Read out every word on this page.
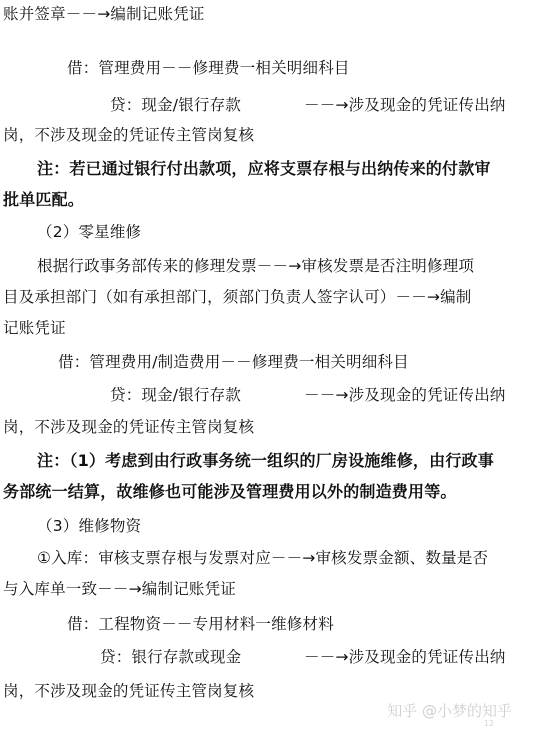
账并签章－－→编制记账凭证
借：管理费用－－修理费一相关明细科目
贷：现金/银行存款	－－→涉及现金的凭证传出纳
岗，不涉及现金的凭证传主管岗复核
注：若已通过银行付出款项，应将支票存根与出纳传来的付款审
批单匹配。
（2）零星维修
根据行政事务部传来的修理发票－－→审核发票是否注明修理项
目及承担部门（如有承担部门，须部门负责人签字认可）－－→编制
记账凭证
借：管理费用/制造费用－－修理费一相关明细科目
贷：现金/银行存款	－－→涉及现金的凭证传出纳
岗，不涉及现金的凭证传主管岗复核
注：（1）考虑到由行政事务统一组织的厂房设施维修，由行政事
务部统一结算，故维修也可能涉及管理费用以外的制造费用等。
（3）维修物资
①入库：审核支票存根与发票对应－－→审核发票金额、数量是否
与入库单一致－－→编制记账凭证
借：工程物资－－专用材料一维修材料
贷：银行存款或现金	－－→涉及现金的凭证传出纳
岗，不涉及现金的凭证传主管岗复核
知乎 @小梦的知乎
12
